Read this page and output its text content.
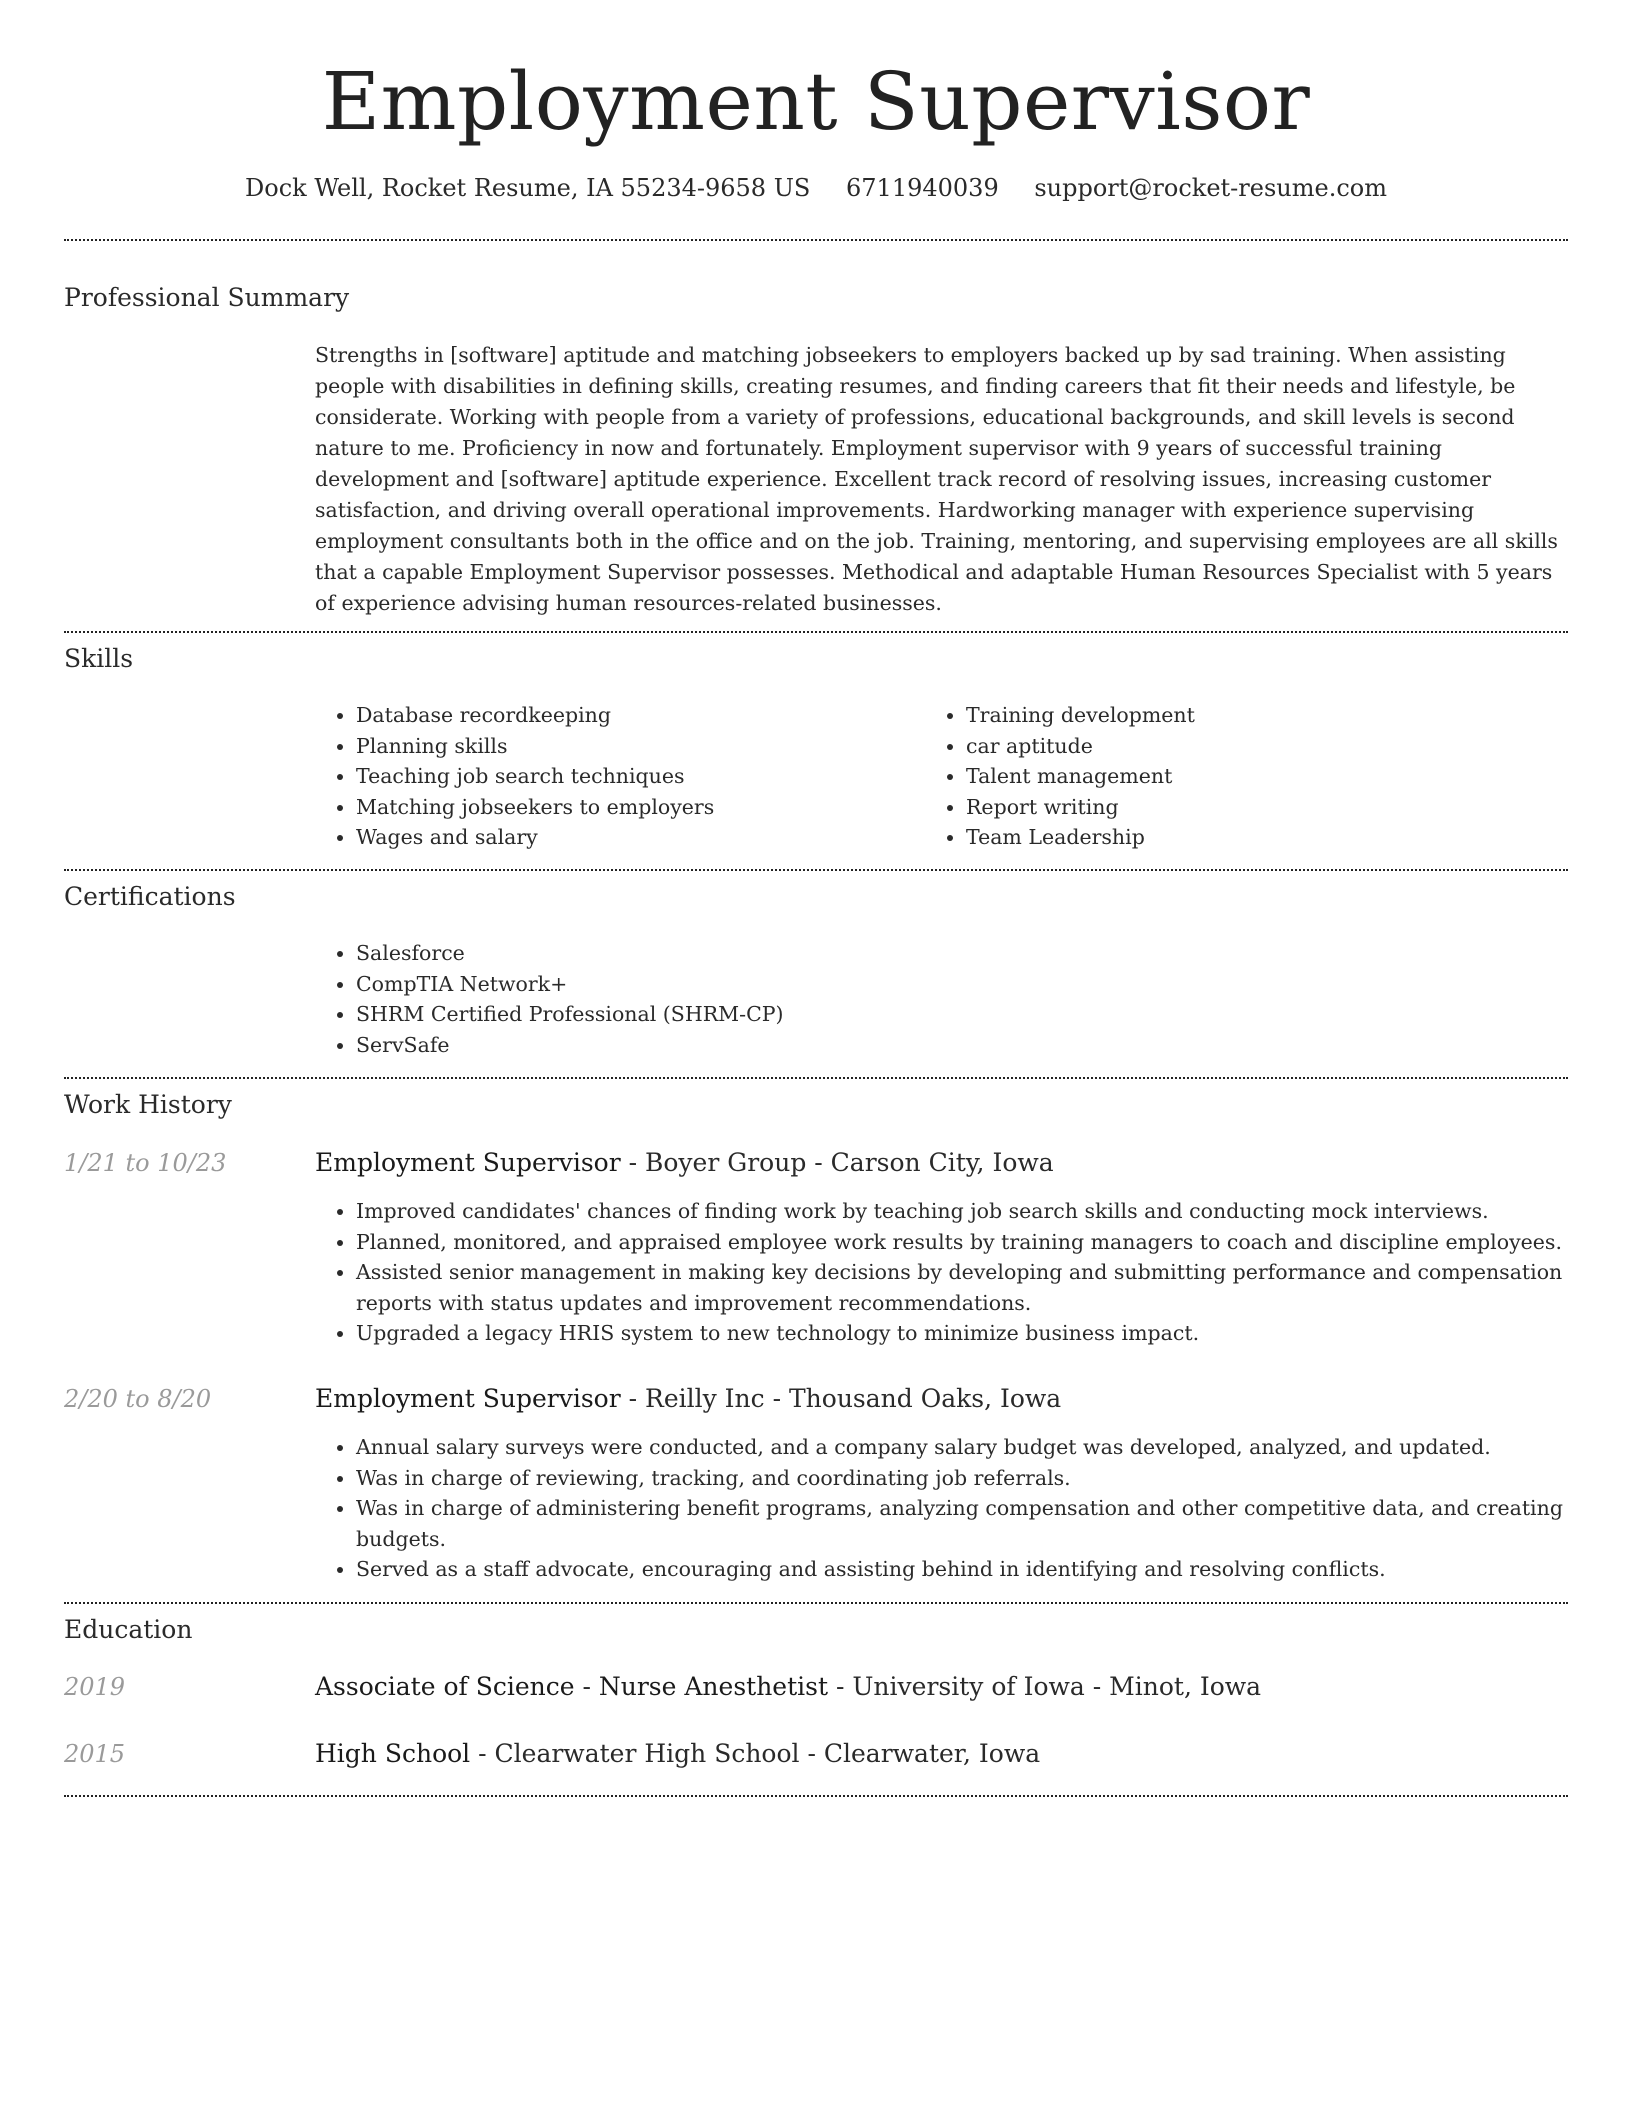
Employment Supervisor
Dock Well, Rocket Resume, IA 55234-9658 US 6711940039 support@rocket-resume.com
Professional Summary

Strengths in [software] aptitude and matching jobseekers to employers backed up by sad training. When assisting people with disabilities in defining skills, creating resumes, and finding careers that fit their needs and lifestyle, be considerate. Working with people from a variety of professions, educational backgrounds, and skill levels is second nature to me. Proficiency in now and fortunately. Employment supervisor with 9 years of successful training development and [software] aptitude experience. Excellent track record of resolving issues, increasing customer satisfaction, and driving overall operational improvements. Hardworking manager with experience supervising employment consultants both in the office and on the job. Training, mentoring, and supervising employees are all skills that a capable Employment Supervisor possesses. Methodical and adaptable Human Resources Specialist with 5 years of experience advising human resources-related businesses.

Skills
• Database recordkeeping
• Planning skills
• Teaching job search techniques
• Matching jobseekers to employers
• Wages and salary
• Training development
• car aptitude
• Talent management
• Report writing
• Team Leadership
Certifications
• Salesforce
• CompTIA Network+
• SHRM Certified Professional (SHRM-CP)
• ServSafe
Work History
1/21 to 10/23	Employment Supervisor - Boyer Group - Carson City, Iowa
• Improved candidates' chances of finding work by teaching job search skills and conducting mock interviews.
• Planned, monitored, and appraised employee work results by training managers to coach and discipline employees.
• Assisted senior management in making key decisions by developing and submitting performance and compensation reports with status updates and improvement recommendations.
• Upgraded a legacy HRIS system to new technology to minimize business impact.
2/20 to 8/20	Employment Supervisor - Reilly Inc - Thousand Oaks, Iowa
• Annual salary surveys were conducted, and a company salary budget was developed, analyzed, and updated.
• Was in charge of reviewing, tracking, and coordinating job referrals.
• Was in charge of administering benefit programs, analyzing compensation and other competitive data, and creating budgets.
• Served as a staff advocate, encouraging and assisting behind in identifying and resolving conflicts.
Education
2019	Associate of Science - Nurse Anesthetist - University of Iowa - Minot, Iowa
2015	High School - Clearwater High School - Clearwater, Iowa
